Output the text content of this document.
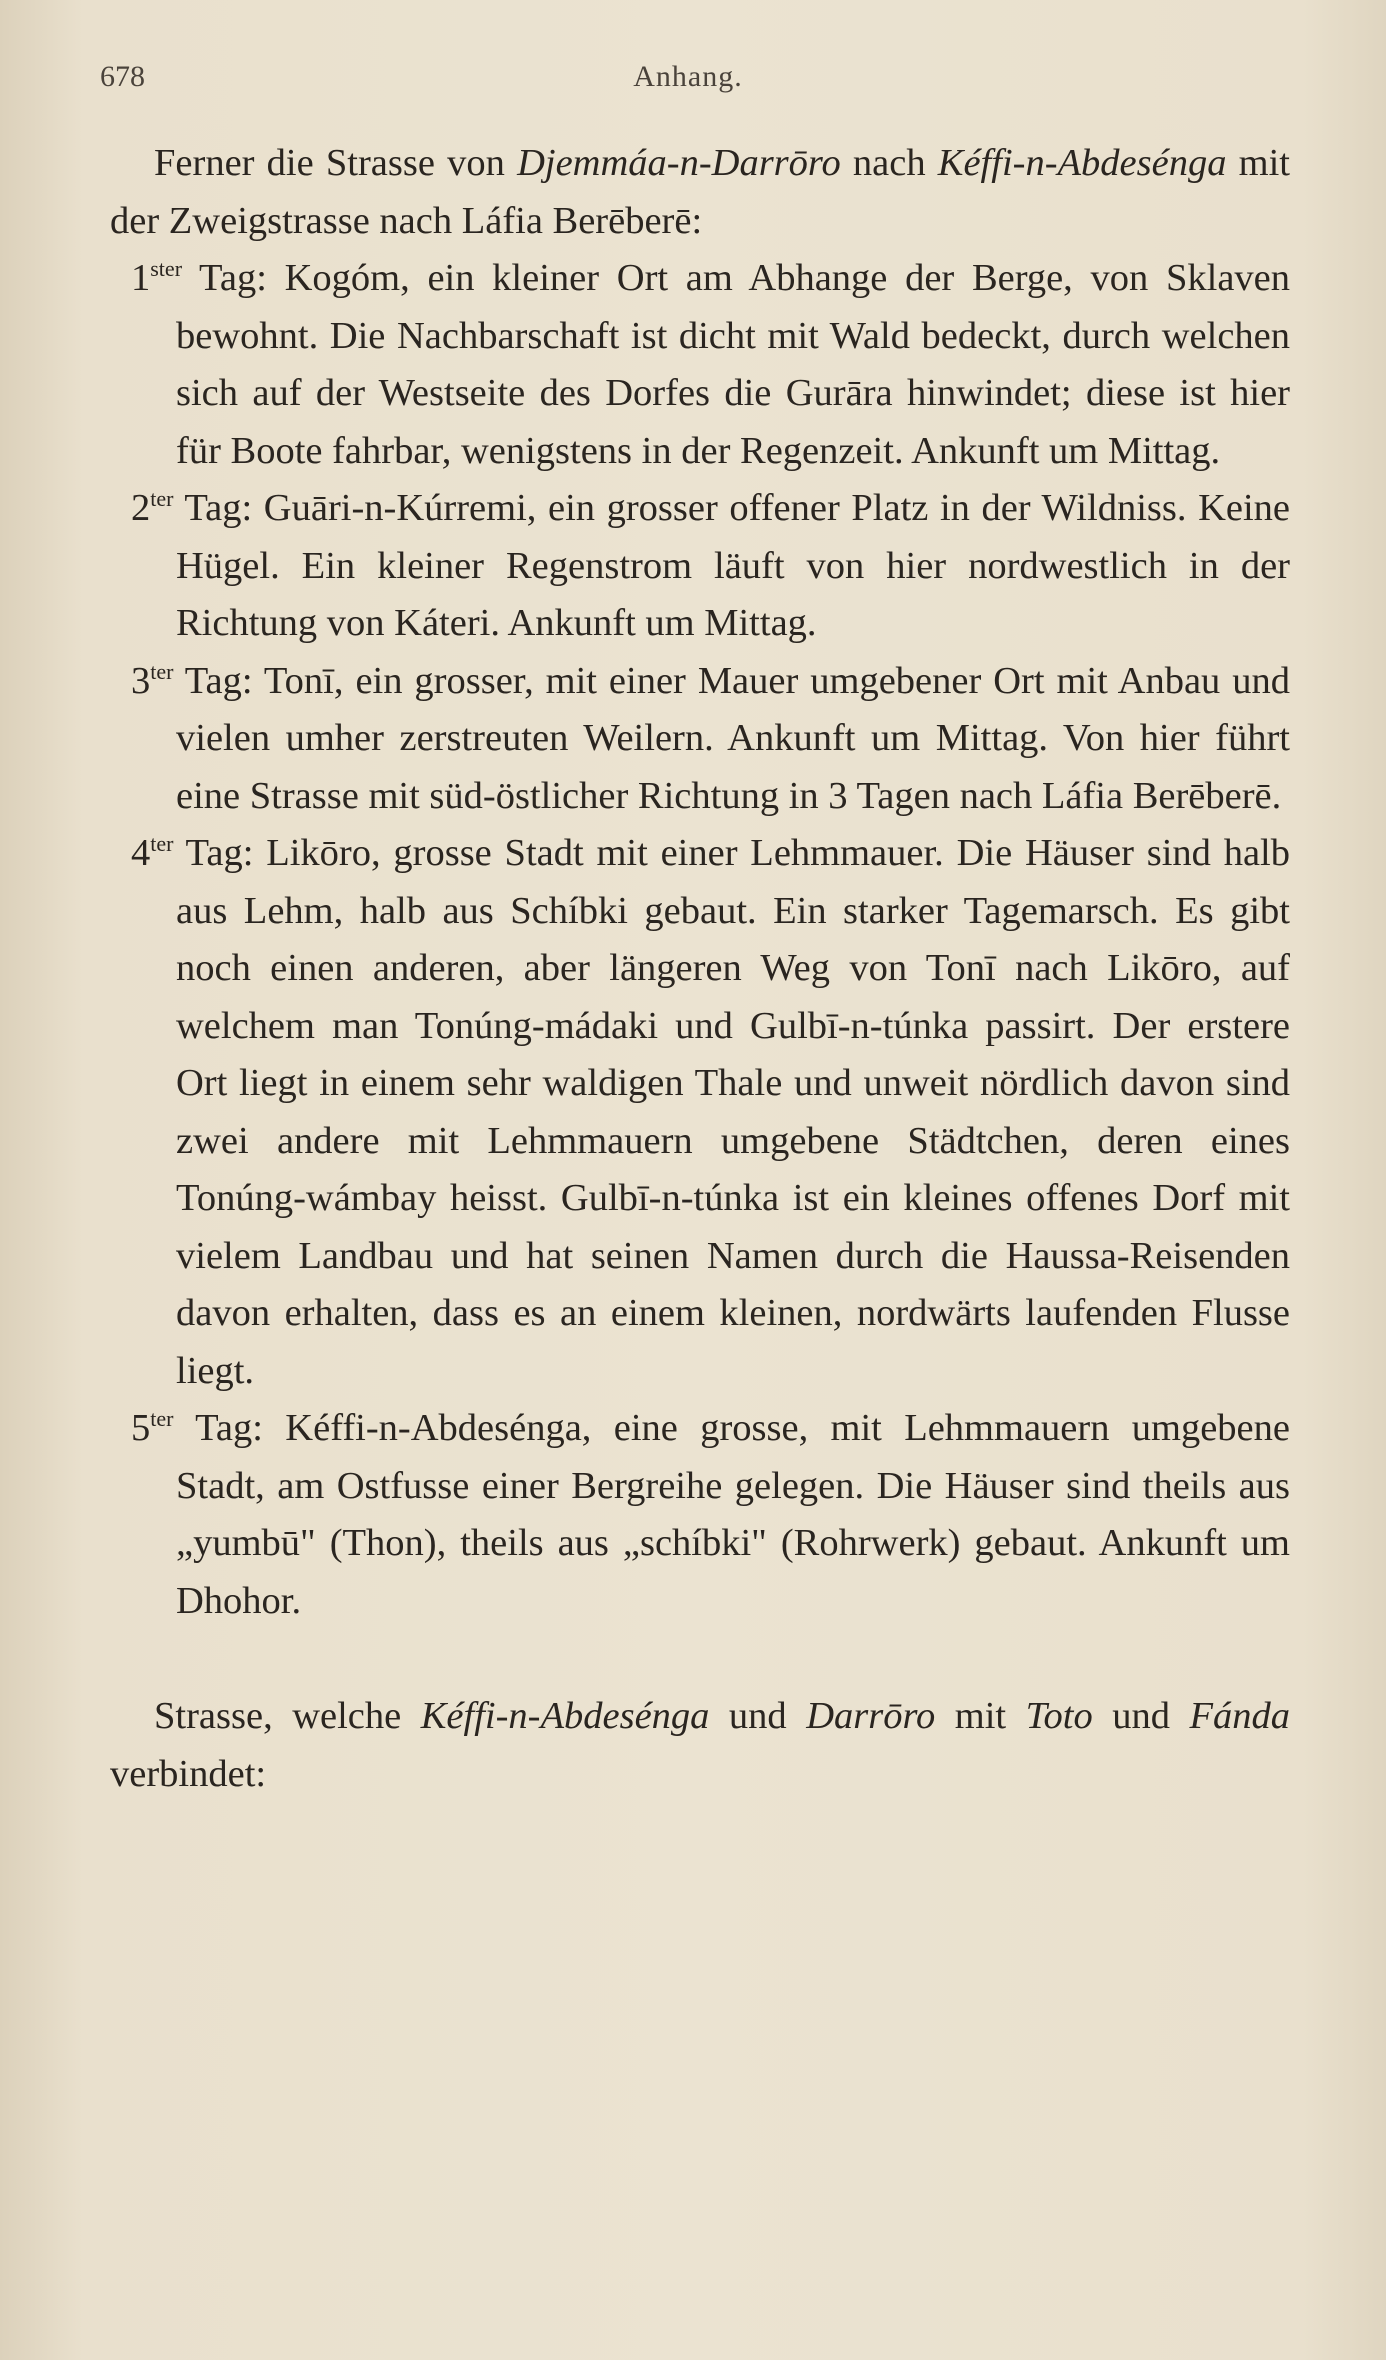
678	Anhang.

Ferner die Strasse von Djemmáa-n-Darrōro nach Kéffi-n-Abdesénga mit der Zweigstrasse nach Láfia Berēberē:

$1^{ster}$ Tag: Kogóm, ein kleiner Ort am Abhange der Berge, von Sklaven bewohnt. Die Nachbarschaft ist dicht mit Wald bedeckt, durch welchen sich auf der Westseite des Dorfes die Gurāra hinwindet; diese ist hier für Boote fahrbar, wenigstens in der Regenzeit. Ankunft um Mittag.

$2^{ter}$ Tag: Guāri-n-Kúrremi, ein grosser offener Platz in der Wildniss. Keine Hügel. Ein kleiner Regenstrom läuft von hier nordwestlich in der Richtung von Káteri. Ankunft um Mittag.

$3^{ter}$ Tag: Tonī, ein grosser, mit einer Mauer umgebener Ort mit Anbau und vielen umher zerstreuten Weilern. Ankunft um Mittag. Von hier führt eine Strasse mit süd-östlicher Richtung in 3 Tagen nach Láfia Berēberē.

$4^{ter}$ Tag: Likōro, grosse Stadt mit einer Lehmmauer. Die Häuser sind halb aus Lehm, halb aus Schíbki gebaut. Ein starker Tagemarsch. Es gibt noch einen anderen, aber längeren Weg von Tonī nach Likōro, auf welchem man Tonúng-mádaki und Gulbī-n-túnka passirt. Der erstere Ort liegt in einem sehr waldigen Thale und unweit nördlich davon sind zwei andere mit Lehmmauern umgebene Städtchen, deren eines Tonúng-wámbay heisst. Gulbī-n-túnka ist ein kleines offenes Dorf mit vielem Landbau und hat seinen Namen durch die Haussa-Reisenden davon erhalten, dass es an einem kleinen, nordwärts laufenden Flusse liegt.

$5^{ter}$ Tag: Kéffi-n-Abdesénga, eine grosse, mit Lehmmauern umgebene Stadt, am Ostfusse einer Bergreihe gelegen. Die Häuser sind theils aus „yumbū" (Thon), theils aus „schíbki" (Rohrwerk) gebaut. Ankunft um Dhohor.

Strasse, welche Kéffi-n-Abdesénga und Darrōro mit Toto und Fánda verbindet:
